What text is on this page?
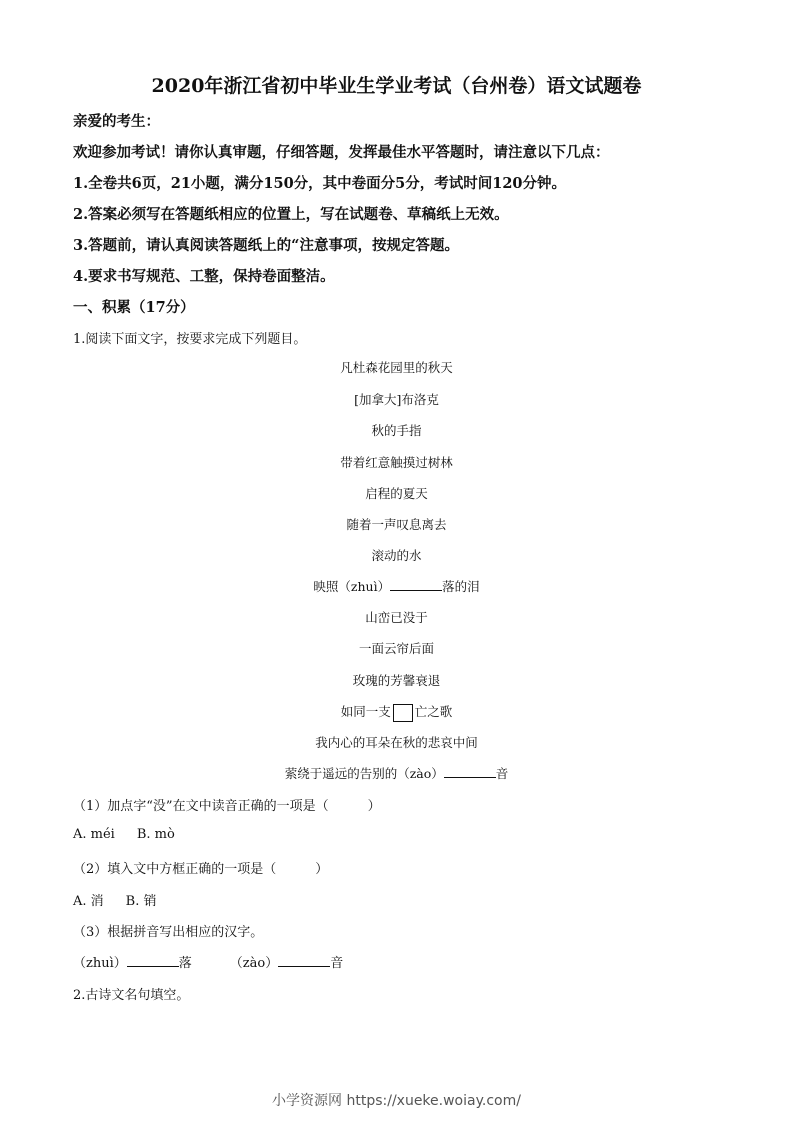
2020年浙江省初中毕业生学业考试（台州卷）语文试题卷
亲爱的考生：
欢迎参加考试！请你认真审题，仔细答题，发挥最佳水平答题时，请注意以下几点：
1.全卷共6页，21小题，满分150分，其中卷面分5分，考试时间120分钟。
2.答案必须写在答题纸相应的位置上，写在试题卷、草稿纸上无效。
3.答题前，请认真阅读答题纸上的“注意事项，按规定答题。
4.要求书写规范、工整，保持卷面整洁。
一、积累（17分）
1.阅读下面文字，按要求完成下列题目。
凡杜森花园里的秋天
[加拿大]布洛克
秋的手指
带着红意触摸过树林
启程的夏天
随着一声叹息离去
滚动的水
映照（zhuì）	落的泪
山峦已没于
一面云帘后面
玫瑰的芳馨衰退
如同一支 亡之歌
我内心的耳朵在秋的悲哀中间
萦绕于遥远的告别的（zào）	音
（1）加点字“没”在文中读音正确的一项是（　　　）
A. méi B. mò
（2）填入文中方框正确的一项是（　　　）
A. 消 B. 销
（3）根据拼音写出相应的汉字。
（zhuì）	落	（zào）	音
2.古诗文名句填空。
小学资源网 https://xueke.woiay.com/
